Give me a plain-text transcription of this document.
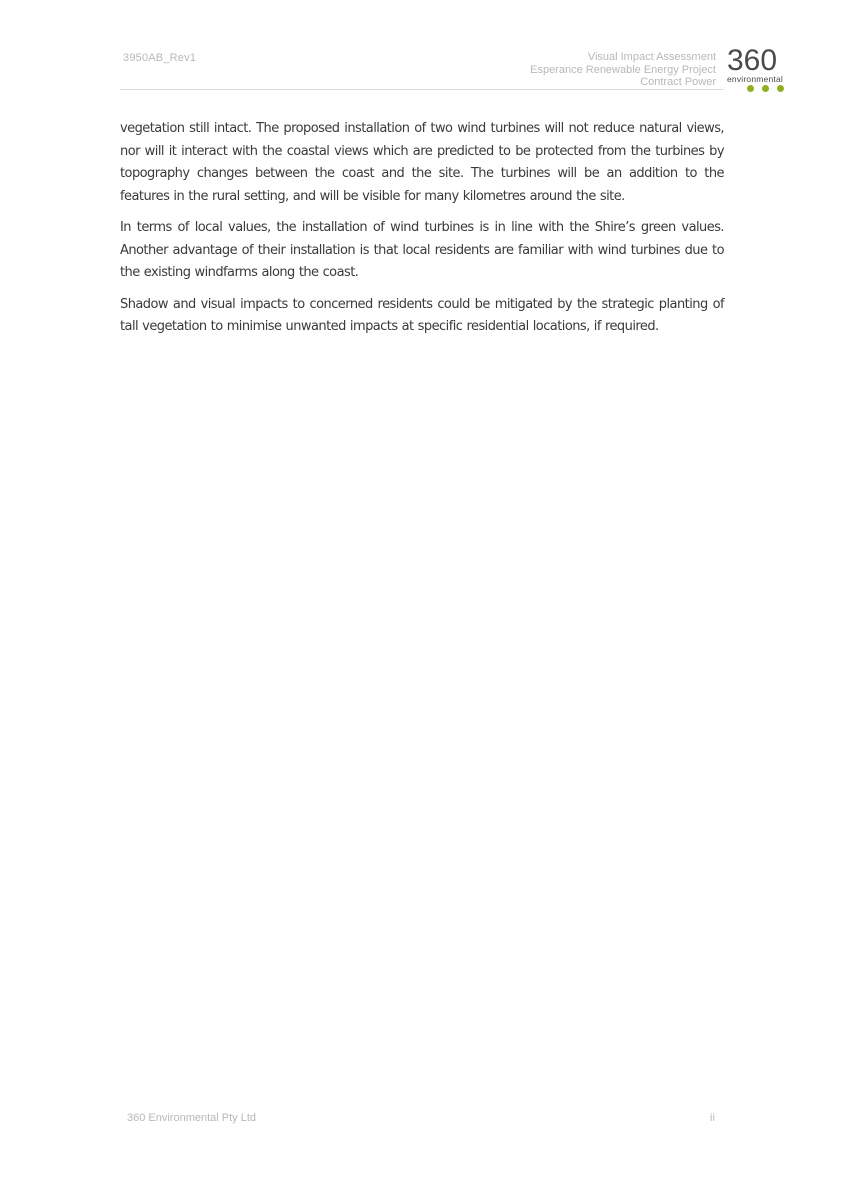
3950AB_Rev1	Visual Impact Assessment
Esperance Renewable Energy Project
Contract Power
360
environmental

vegetation still intact. The proposed installation of two wind turbines will not reduce natural views, nor will it interact with the coastal views which are predicted to be protected from the turbines by topography changes between the coast and the site. The turbines will be an addition to the features in the rural setting, and will be visible for many kilometres around the site.

In terms of local values, the installation of wind turbines is in line with the Shire’s green values. Another advantage of their installation is that local residents are familiar with wind turbines due to the existing windfarms along the coast.

Shadow and visual impacts to concerned residents could be mitigated by the strategic planting of tall vegetation to minimise unwanted impacts at specific residential locations, if required.

360 Environmental Pty Ltd	ii
